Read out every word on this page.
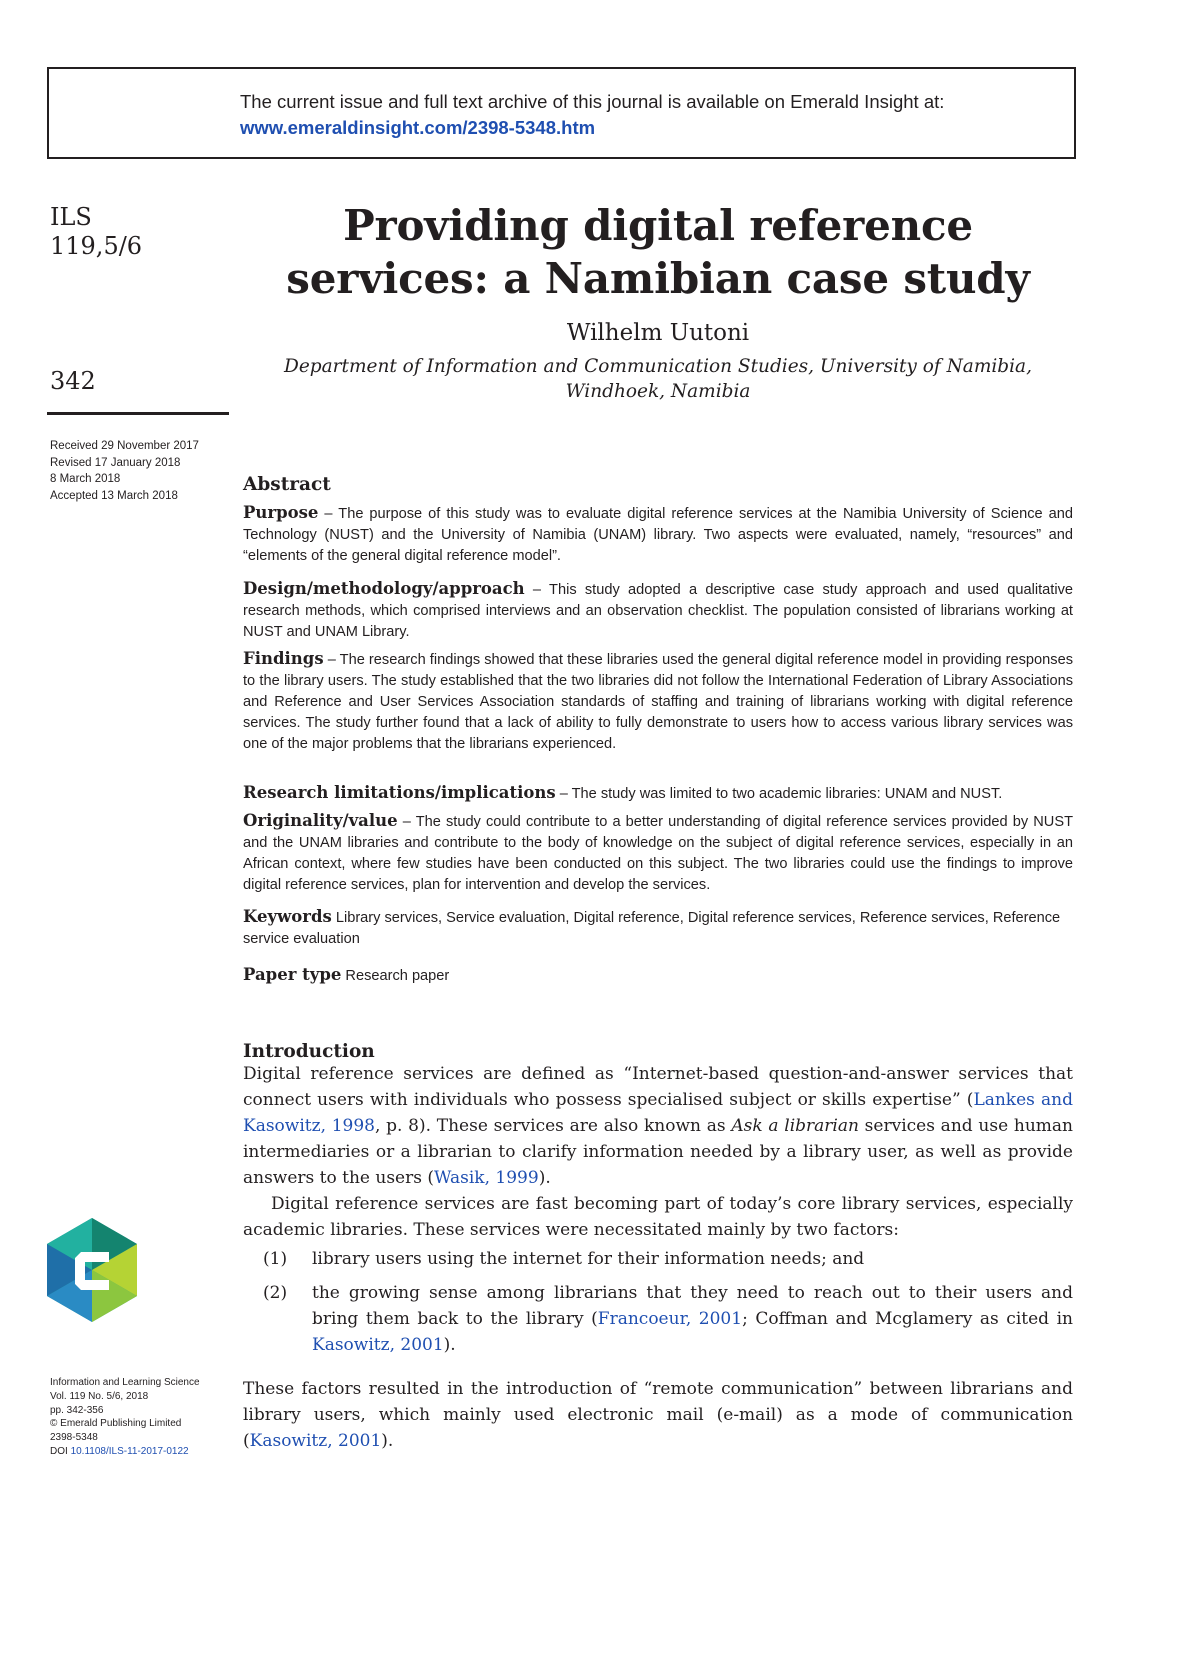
The current issue and full text archive of this journal is available on Emerald Insight at:
www.emeraldinsight.com/2398-5348.htm
ILS
119,5/6
342
Received 29 November 2017
Revised 17 January 2018
8 March 2018
Accepted 13 March 2018
Providing digital reference
services: a Namibian case study
Wilhelm Uutoni
Department of Information and Communication Studies, University of Namibia,
Windhoek, Namibia
Abstract
Purpose – The purpose of this study was to evaluate digital reference services at the Namibia University of Science and Technology (NUST) and the University of Namibia (UNAM) library. Two aspects were evaluated, namely, “resources” and “elements of the general digital reference model”.
Design/methodology/approach – This study adopted a descriptive case study approach and used qualitative research methods, which comprised interviews and an observation checklist. The population consisted of librarians working at NUST and UNAM Library.
Findings – The research findings showed that these libraries used the general digital reference model in providing responses to the library users. The study established that the two libraries did not follow the International Federation of Library Associations and Reference and User Services Association standards of staffing and training of librarians working with digital reference services. The study further found that a lack of ability to fully demonstrate to users how to access various library services was one of the major problems that the librarians experienced.
Research limitations/implications – The study was limited to two academic libraries: UNAM and NUST.
Originality/value – The study could contribute to a better understanding of digital reference services provided by NUST and the UNAM libraries and contribute to the body of knowledge on the subject of digital reference services, especially in an African context, where few studies have been conducted on this subject. The two libraries could use the findings to improve digital reference services, plan for intervention and develop the services.
Keywords Library services, Service evaluation, Digital reference, Digital reference services, Reference services, Reference service evaluation
Paper type Research paper
Introduction
Digital reference services are defined as “Internet-based question-and-answer services that connect users with individuals who possess specialised subject or skills expertise” (Lankes and Kasowitz, 1998, p. 8). These services are also known as Ask a librarian services and use human intermediaries or a librarian to clarify information needed by a library user, as well as provide answers to the users (Wasik, 1999).
Digital reference services are fast becoming part of today’s core library services, especially academic libraries. These services were necessitated mainly by two factors:
(1) library users using the internet for their information needs; and
(2) the growing sense among librarians that they need to reach out to their users and bring them back to the library (Francoeur, 2001; Coffman and Mcglamery as cited in Kasowitz, 2001).
These factors resulted in the introduction of “remote communication” between librarians and library users, which mainly used electronic mail (e-mail) as a mode of communication (Kasowitz, 2001).
Information and Learning Science
Vol. 119 No. 5/6, 2018
pp. 342-356
© Emerald Publishing Limited
2398-5348
DOI 10.1108/ILS-11-2017-0122
